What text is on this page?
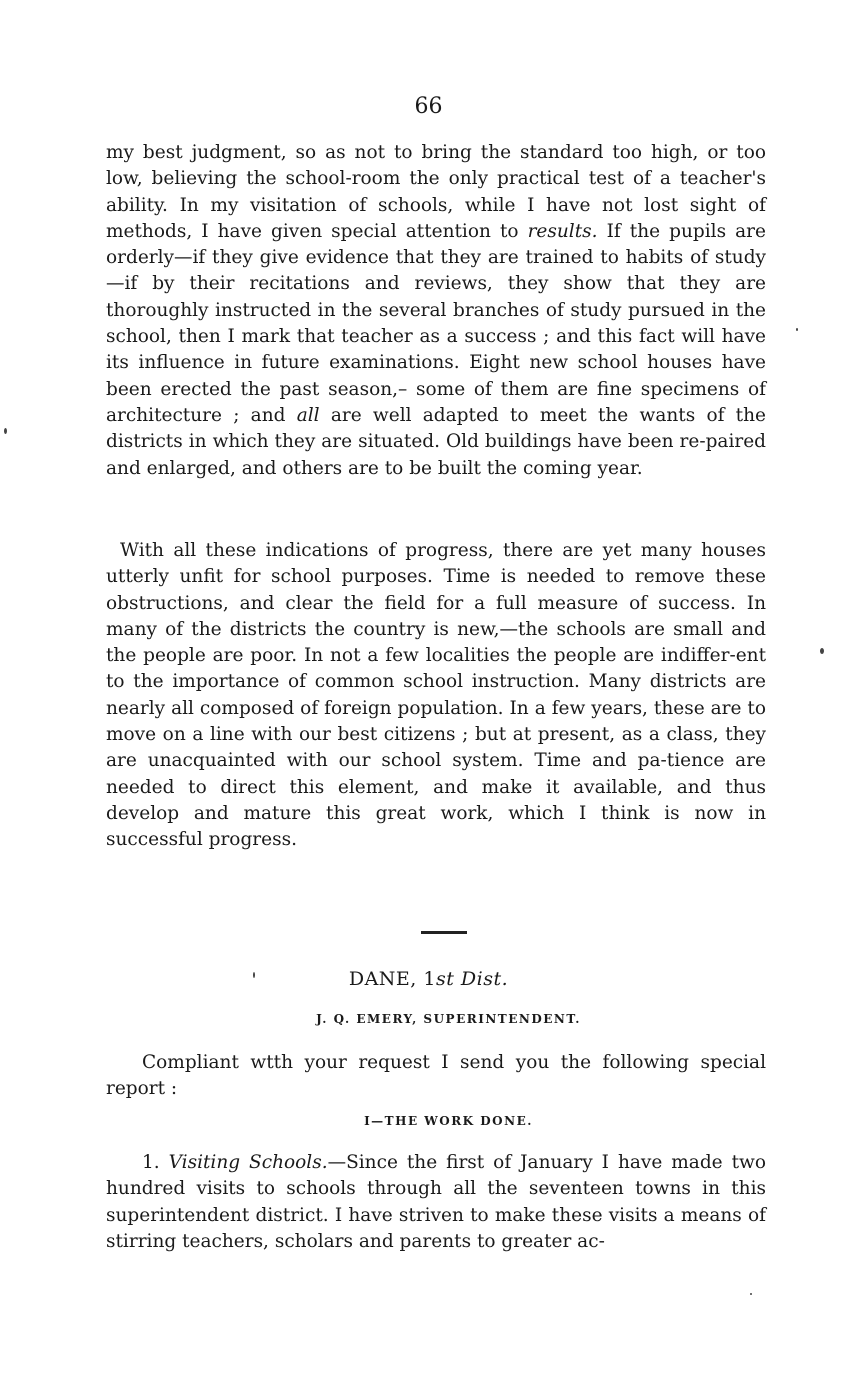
66
my best judgment, so as not to bring the standard too high, or too low, believing the school-room the only practical test of a teacher's ability. In my visitation of schools, while I have not lost sight of methods, I have given special attention to results. If the pupils are orderly—if they give evidence that they are trained to habits of study—if by their recitations and reviews, they show that they are thoroughly instructed in the several branches of study pursued in the school, then I mark that teacher as a success ; and this fact will have its influence in future examinations. Eight new school houses have been erected the past season,– some of them are fine specimens of architecture ; and all are well adapted to meet the wants of the districts in which they are situated. Old buildings have been re-paired and enlarged, and others are to be built the coming year.
With all these indications of progress, there are yet many houses utterly unfit for school purposes. Time is needed to remove these obstructions, and clear the field for a full measure of success. In many of the districts the country is new,—the schools are small and the people are poor. In not a few localities the people are indiffer-ent to the importance of common school instruction. Many districts are nearly all composed of foreign population. In a few years, these are to move on a line with our best citizens ; but at present, as a class, they are unacquainted with our school system. Time and pa-tience are needed to direct this element, and make it available, and thus develop and mature this great work, which I think is now in successful progress.
DANE, 1st Dist.
J. Q. EMERY, SUPERINTENDENT.
Compliant wtth your request I send you the following special report :
I—THE WORK DONE.
1. Visiting Schools.—Since the first of January I have made two hundred visits to schools through all the seventeen towns in this superintendent district. I have striven to make these visits a means of stirring teachers, scholars and parents to greater ac-
